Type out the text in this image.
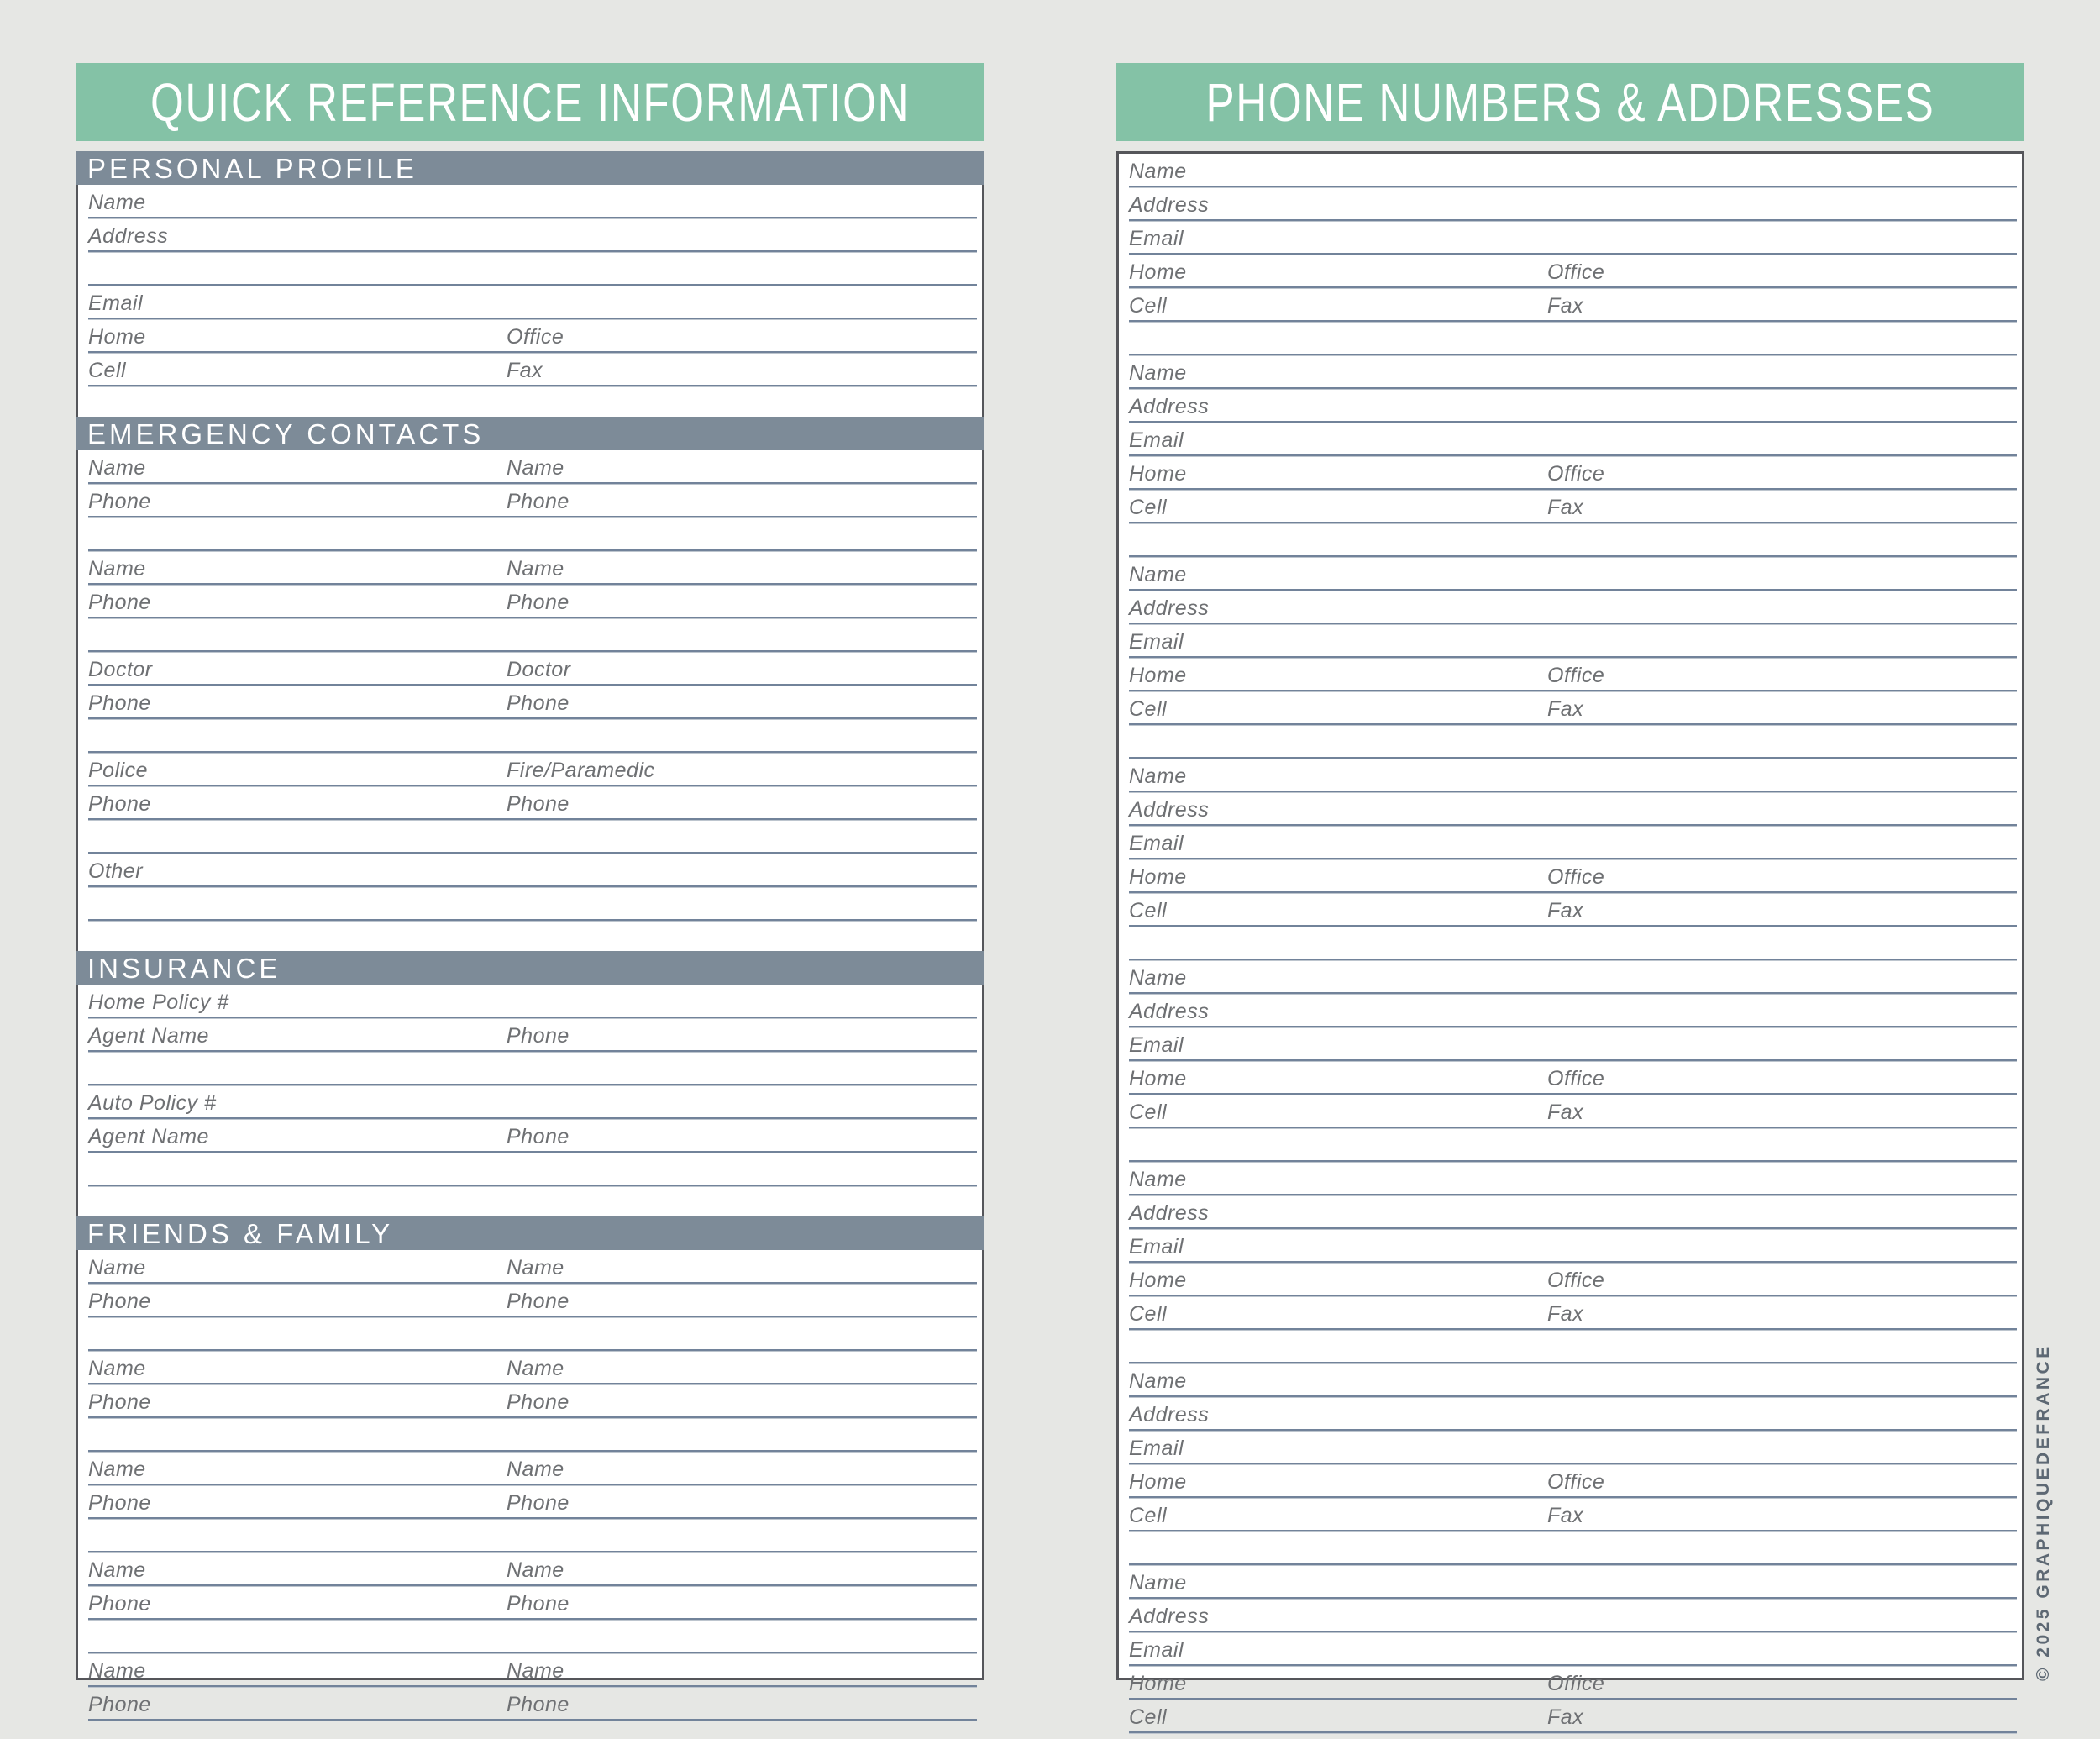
QUICK REFERENCE INFORMATION	PHONE NUMBERS & ADDRESSES
PERSONAL PROFILE
Name
Address
Email
Home	Office
Cell	Fax
EMERGENCY CONTACTS
Name	Name
Phone	Phone
Name	Name
Phone	Phone
Doctor	Doctor
Phone	Phone
Police	Fire/Paramedic
Phone	Phone
Other
INSURANCE
Home Policy #
Agent Name	Phone
Auto Policy #
Agent Name	Phone
FRIENDS & FAMILY
Name	Name
Phone	Phone
Name	Name
Phone	Phone
Name	Name
Phone	Phone
Name	Name
Phone	Phone
Name	Name
Phone	Phone
Name
Address
Email
Home	Office
Cell	Fax
Name
Address
Email
Home	Office
Cell	Fax
Name
Address
Email
Home	Office
Cell	Fax
Name
Address
Email
Home	Office
Cell	Fax
Name
Address
Email
Home	Office
Cell	Fax
Name
Address
Email
Home	Office
Cell	Fax
Name
Address
Email
Home	Office
Cell	Fax
Name
Address
Email
Home	Office
Cell	Fax
© 2025 GRAPHIQUEDEFRANCE
